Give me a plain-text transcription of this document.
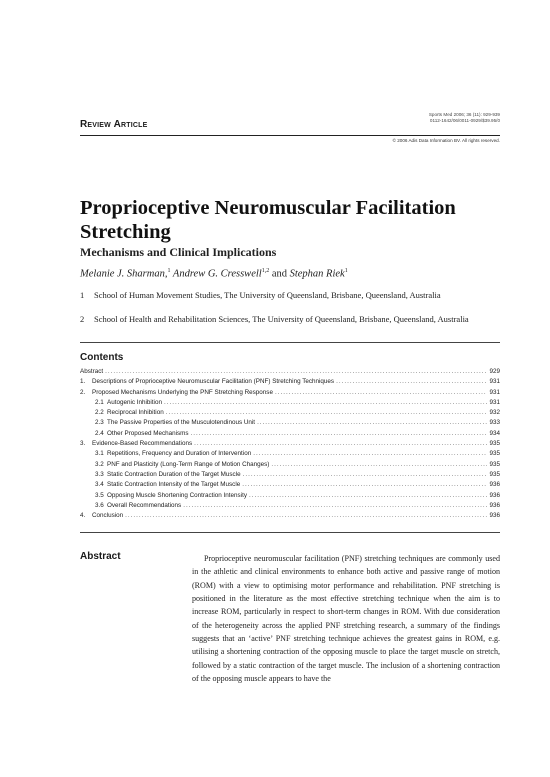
Review Article
Sports Med 2006; 36 (11): 929-939
0112-1642/06/0011-0929/$39.95/0
© 2006 Adis Data Information BV. All rights reserved.
Proprioceptive Neuromuscular Facilitation Stretching
Mechanisms and Clinical Implications
Melanie J. Sharman,$^1$ Andrew G. Cresswell$^{1,2}$ and Stephan Riek$^1$
1	School of Human Movement Studies, The University of Queensland, Brisbane, Queensland, Australia
2	School of Health and Rehabilitation Sciences, The University of Queensland, Brisbane, Queensland, Australia
Contents
Abstract .....	929
1.	Descriptions of Proprioceptive Neuromuscular Facilitation (PNF) Stretching Techniques .....	931
2.	Proposed Mechanisms Underlying the PNF Stretching Response .....	931
2.1 Autogenic Inhibition .....	931
2.2 Reciprocal Inhibition .....	932
2.3 The Passive Properties of the Musculotendinous Unit .....	933
2.4 Other Proposed Mechanisms .....	934
3.	Evidence-Based Recommendations .....	935
3.1 Repetitions, Frequency and Duration of Intervention .....	935
3.2 PNF and Plasticity (Long-Term Range of Motion Changes) .....	935
3.3 Static Contraction Duration of the Target Muscle .....	935
3.4 Static Contraction Intensity of the Target Muscle .....	936
3.5 Opposing Muscle Shortening Contraction Intensity .....	936
3.6 Overall Recommendations .....	936
4.	Conclusion .....	936
Abstract	Proprioceptive neuromuscular facilitation (PNF) stretching techniques are commonly used in the athletic and clinical environments to enhance both active and passive range of motion (ROM) with a view to optimising motor performance and rehabilitation. PNF stretching is positioned in the literature as the most effective stretching technique when the aim is to increase ROM, particularly in respect to short-term changes in ROM. With due consideration of the heterogeneity across the applied PNF stretching research, a summary of the findings suggests that an ‘active’ PNF stretching technique achieves the greatest gains in ROM, e.g. utilising a shortening contraction of the opposing muscle to place the target muscle on stretch, followed by a static contraction of the target muscle. The inclusion of a shortening contraction of the opposing muscle appears to have the
